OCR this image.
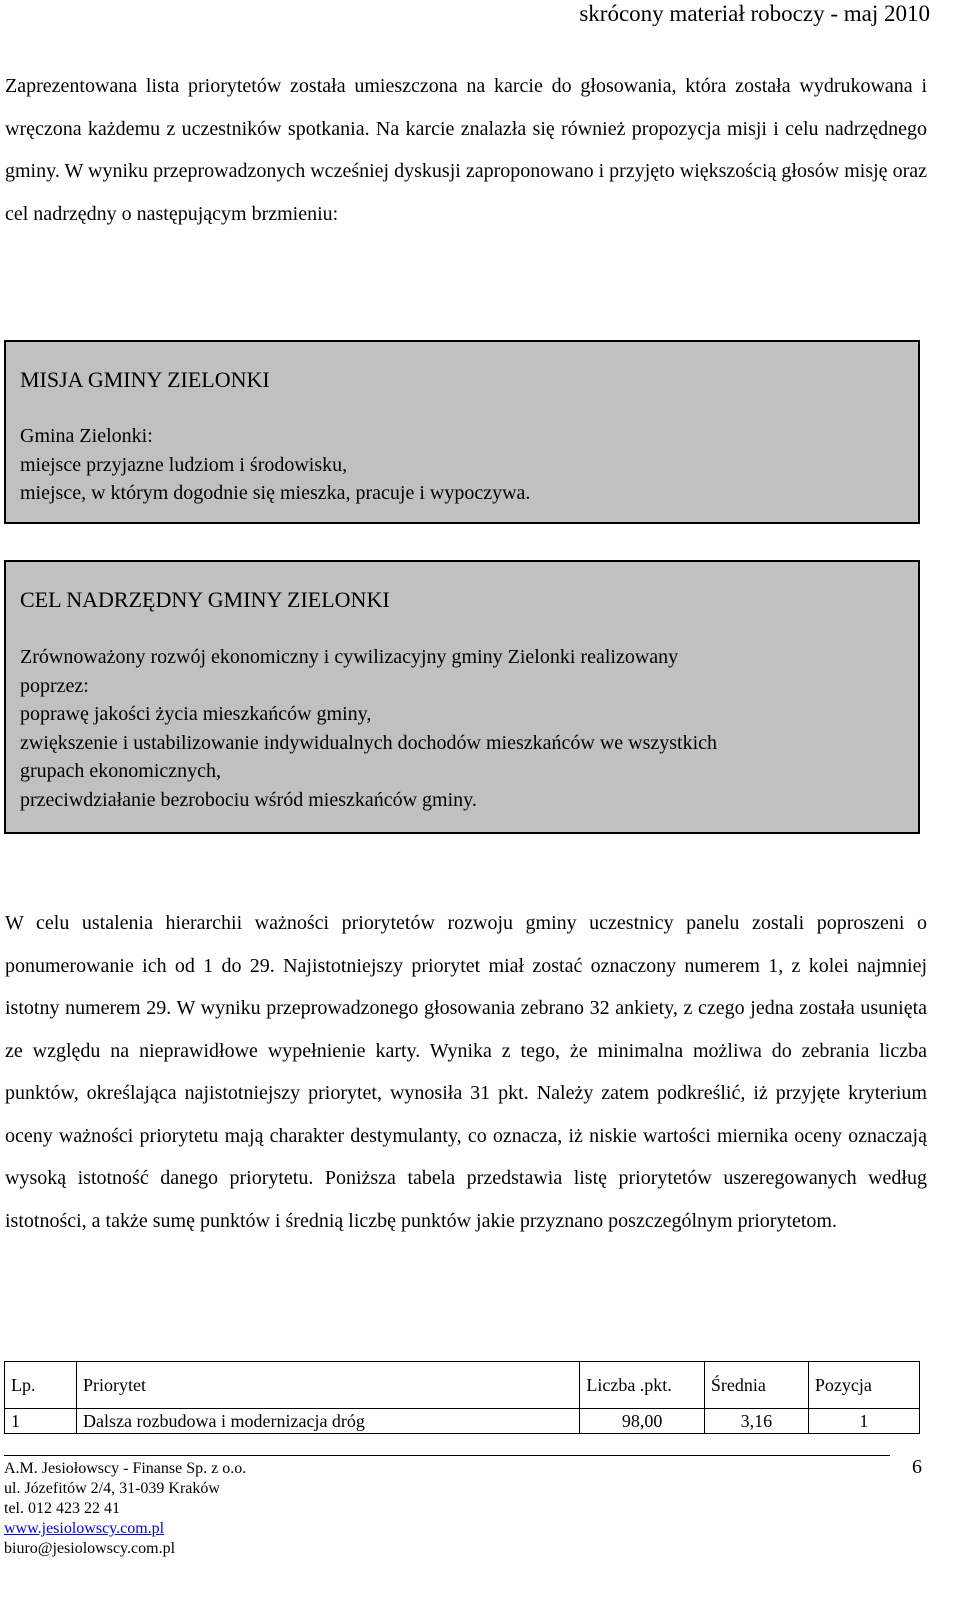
skrócony materiał roboczy - maj 2010

Zaprezentowana lista priorytetów została umieszczona na karcie do głosowania, która została wydrukowana i wręczona każdemu z uczestników spotkania. Na karcie znalazła się również propozycja misji i celu nadrzędnego gminy. W wyniku przeprowadzonych wcześniej dyskusji zaproponowano i przyjęto większością głosów misję oraz cel nadrzędny o następującym brzmieniu:

MISJA GMINY ZIELONKI
Gmina Zielonki:
miejsce przyjazne ludziom i środowisku,
miejsce, w którym dogodnie się mieszka, pracuje i wypoczywa.
CEL NADRZĘDNY GMINY ZIELONKI
Zrównoważony rozwój ekonomiczny i cywilizacyjny gminy Zielonki realizowany
poprzez:
poprawę jakości życia mieszkańców gminy,
zwiększenie i ustabilizowanie indywidualnych dochodów mieszkańców we wszystkich
grupach ekonomicznych,
przeciwdziałanie bezrobociu wśród mieszkańców gminy.

W celu ustalenia hierarchii ważności priorytetów rozwoju gminy uczestnicy panelu zostali poproszeni o ponumerowanie ich od 1 do 29. Najistotniejszy priorytet miał zostać oznaczony numerem 1, z kolei najmniej istotny numerem 29. W wyniku przeprowadzonego głosowania zebrano 32 ankiety, z czego jedna została usunięta ze względu na nieprawidłowe wypełnienie karty. Wynika z tego, że minimalna możliwa do zebrania liczba punktów, określająca najistotniejszy priorytet, wynosiła 31 pkt. Należy zatem podkreślić, iż przyjęte kryterium oceny ważności priorytetu mają charakter destymulanty, co oznacza, iż niskie wartości miernika oceny oznaczają wysoką istotność danego priorytetu. Poniższa tabela przedstawia listę priorytetów uszeregowanych według istotności, a także sumę punktów i średnią liczbę punktów jakie przyznano poszczególnym priorytetom.

Lp.	Priorytet	Liczba .pkt.	Średnia	Pozycja
1	Dalsza rozbudowa i modernizacja dróg	98,00	3,16	1
A.M. Jesiołowscy - Finanse Sp. z o.o.
ul. Józefitów 2/4, 31-039 Kraków
tel. 012 423 22 41
www.jesiolowscy.com.pl
biuro@jesiolowscy.com.pl
6
